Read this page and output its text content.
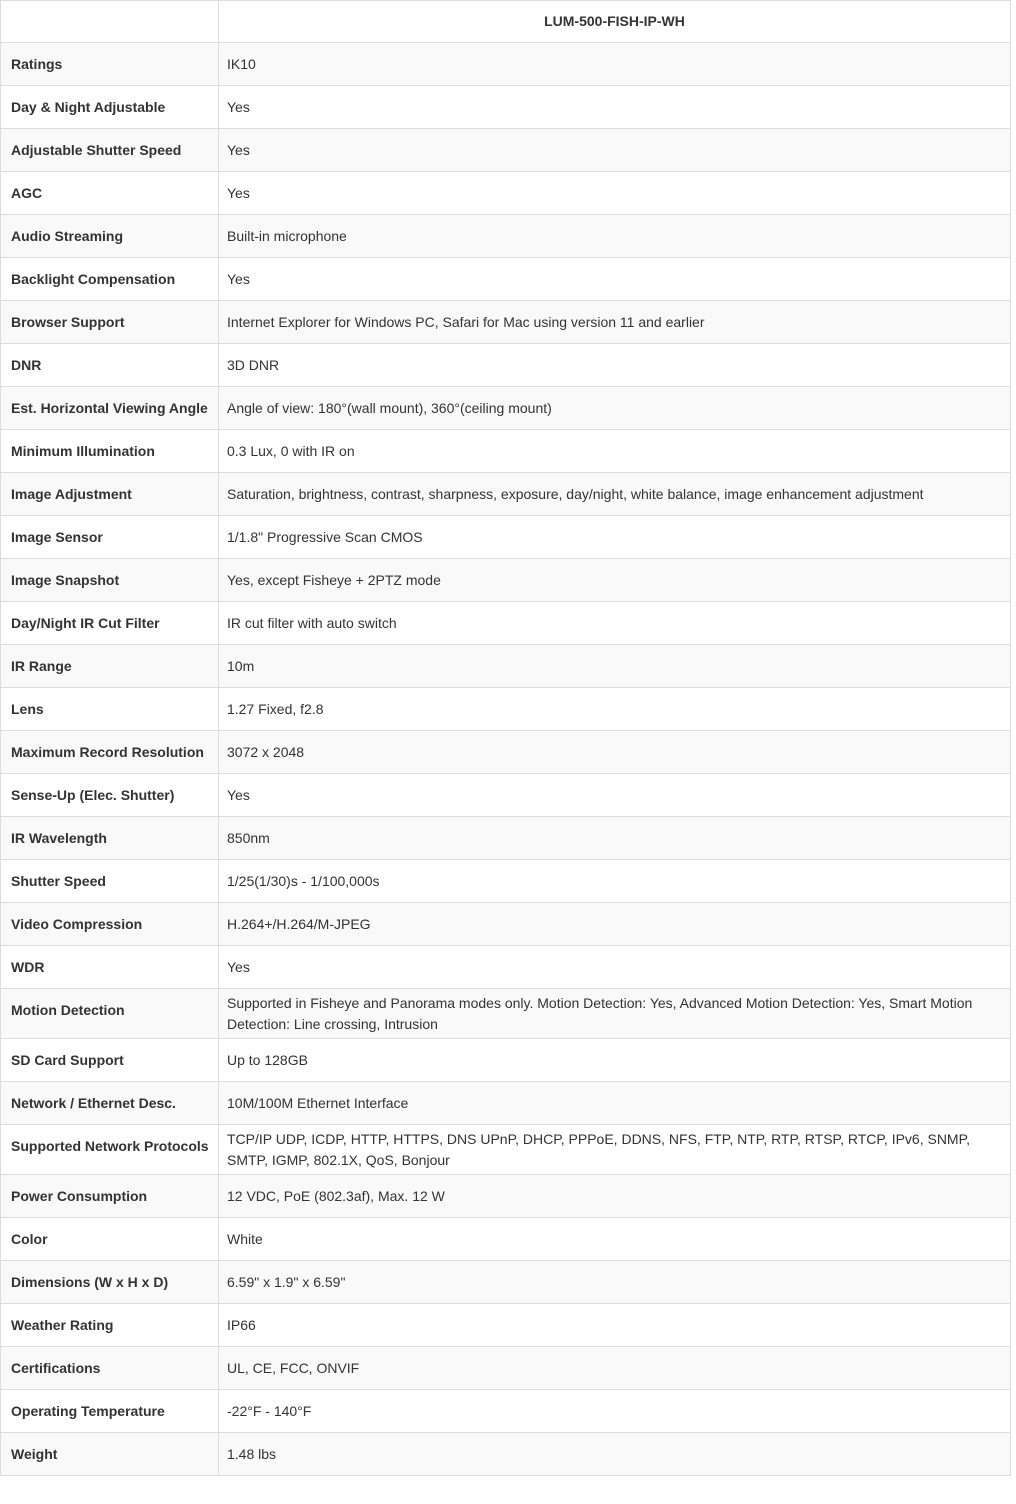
	LUM-500-FISH-IP-WH
Ratings	IK10
Day & Night Adjustable	Yes
Adjustable Shutter Speed	Yes
AGC	Yes
Audio Streaming	Built-in microphone
Backlight Compensation	Yes
Browser Support	Internet Explorer for Windows PC, Safari for Mac using version 11 and earlier
DNR	3D DNR
Est. Horizontal Viewing Angle	Angle of view: 180°(wall mount), 360°(ceiling mount)
Minimum Illumination	0.3 Lux, 0 with IR on
Image Adjustment	Saturation, brightness, contrast, sharpness, exposure, day/night, white balance, image enhancement adjustment
Image Sensor	1/1.8" Progressive Scan CMOS
Image Snapshot	Yes, except Fisheye + 2PTZ mode
Day/Night IR Cut Filter	IR cut filter with auto switch
IR Range	10m
Lens	1.27 Fixed, f2.8
Maximum Record Resolution	3072 x 2048
Sense-Up (Elec. Shutter)	Yes
IR Wavelength	850nm
Shutter Speed	1/25(1/30)s - 1/100,000s
Video Compression	H.264+/H.264/M-JPEG
WDR	Yes
Motion Detection	Supported in Fisheye and Panorama modes only. Motion Detection: Yes, Advanced Motion Detection: Yes, Smart Motion Detection: Line crossing, Intrusion
SD Card Support	Up to 128GB
Network / Ethernet Desc.	10M/100M Ethernet Interface
Supported Network Protocols	TCP/IP UDP, ICDP, HTTP, HTTPS, DNS UPnP, DHCP, PPPoE, DDNS, NFS, FTP, NTP, RTP, RTSP, RTCP, IPv6, SNMP, SMTP, IGMP, 802.1X, QoS, Bonjour
Power Consumption	12 VDC, PoE (802.3af), Max. 12 W
Color	White
Dimensions (W x H x D)	6.59" x 1.9" x 6.59"
Weather Rating	IP66
Certifications	UL, CE, FCC, ONVIF
Operating Temperature	-22°F - 140°F
Weight	1.48 lbs
